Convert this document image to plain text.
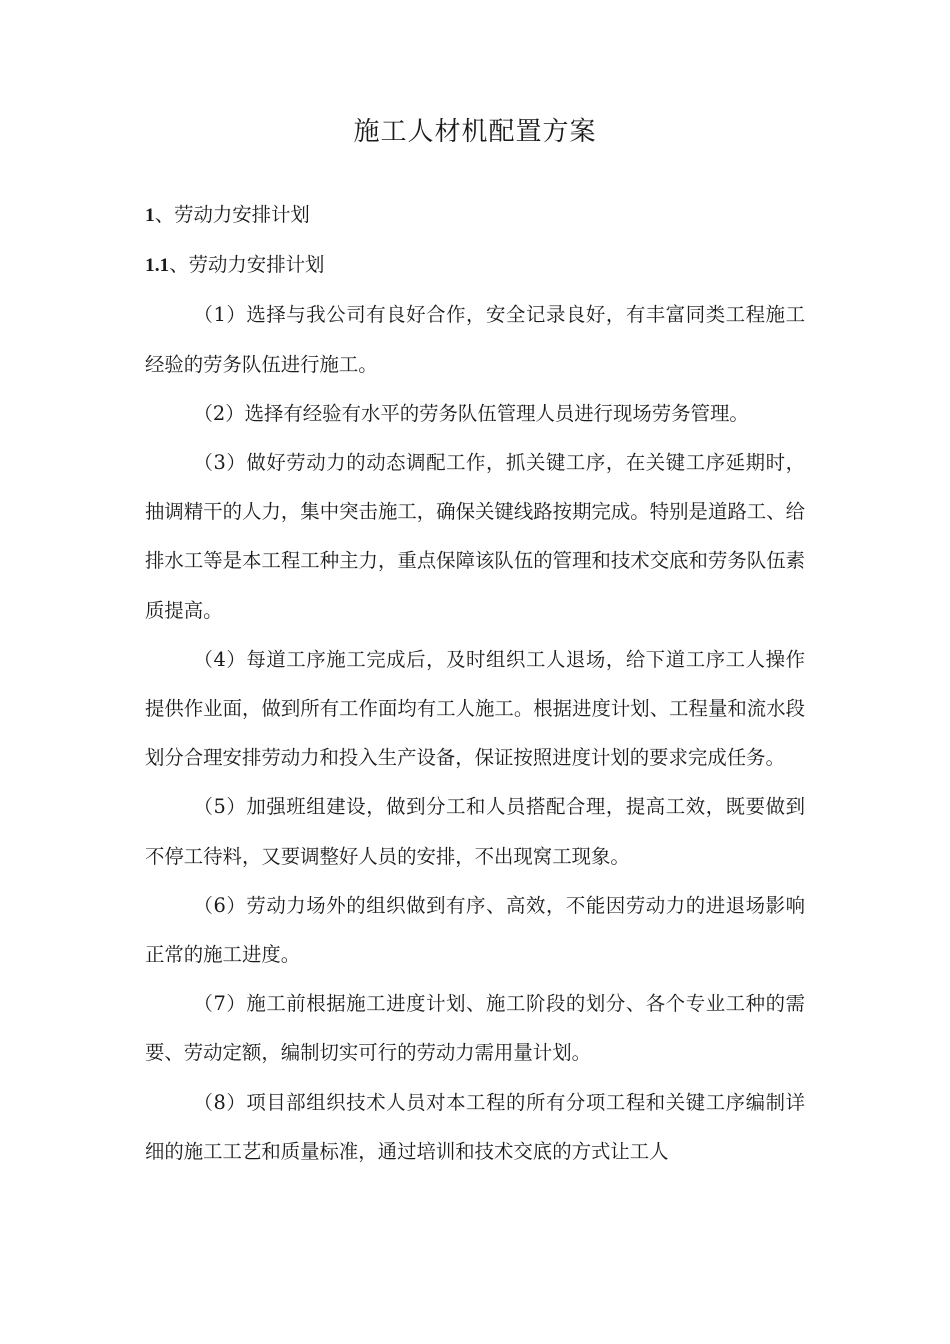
施工人材机配置方案

1、劳动力安排计划

1.1、劳动力安排计划

（1）选择与我公司有良好合作，安全记录良好，有丰富同类工程施工经验的劳务队伍进行施工。

（2）选择有经验有水平的劳务队伍管理人员进行现场劳务管理。

（3）做好劳动力的动态调配工作，抓关键工序，在关键工序延期时，抽调精干的人力，集中突击施工，确保关键线路按期完成。特别是道路工、给排水工等是本工程工种主力，重点保障该队伍的管理和技术交底和劳务队伍素质提高。

（4）每道工序施工完成后，及时组织工人退场，给下道工序工人操作提供作业面，做到所有工作面均有工人施工。根据进度计划、工程量和流水段划分合理安排劳动力和投入生产设备，保证按照进度计划的要求完成任务。

（5）加强班组建设，做到分工和人员搭配合理，提高工效，既要做到不停工待料，又要调整好人员的安排，不出现窝工现象。

（6）劳动力场外的组织做到有序、高效，不能因劳动力的进退场影响正常的施工进度。

（7）施工前根据施工进度计划、施工阶段的划分、各个专业工种的需要、劳动定额，编制切实可行的劳动力需用量计划。

（8）项目部组织技术人员对本工程的所有分项工程和关键工序编制详细的施工工艺和质量标准，通过培训和技术交底的方式让工人
